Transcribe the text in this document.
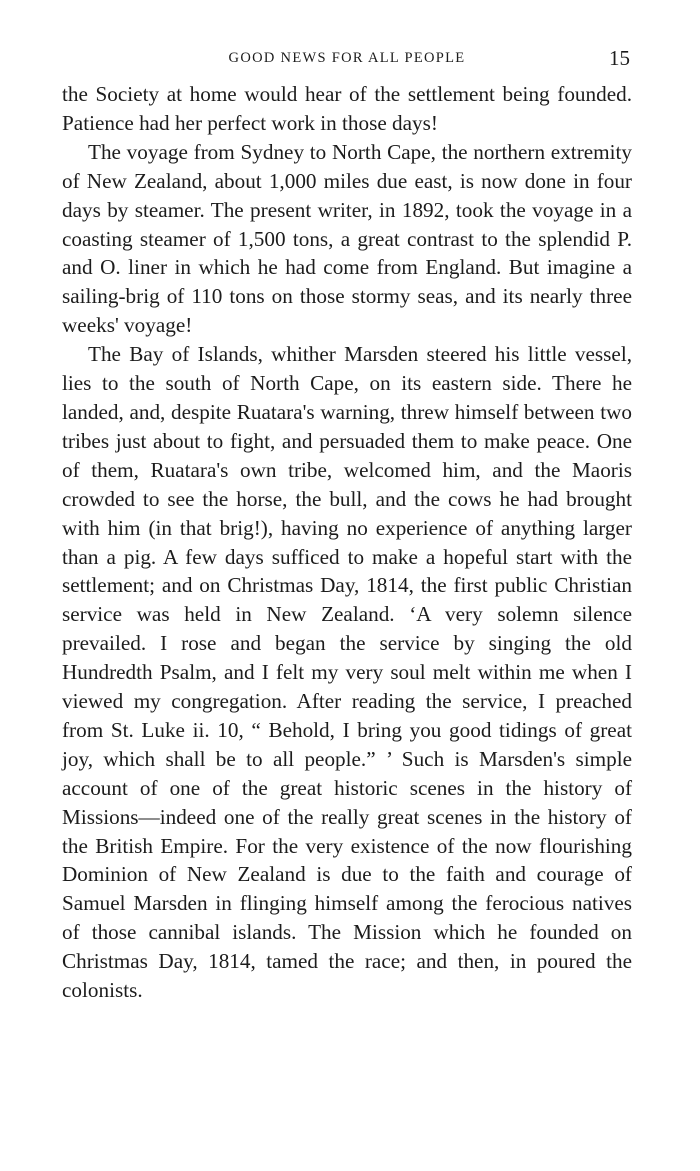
GOOD NEWS FOR ALL PEOPLE	15

the Society at home would hear of the settlement being founded. Patience had her perfect work in those days!

The voyage from Sydney to North Cape, the northern extremity of New Zealand, about 1,000 miles due east, is now done in four days by steamer. The present writer, in 1892, took the voyage in a coasting steamer of 1,500 tons, a great contrast to the splendid P. and O. liner in which he had come from England. But imagine a sailing-brig of 110 tons on those stormy seas, and its nearly three weeks' voyage!

The Bay of Islands, whither Marsden steered his little vessel, lies to the south of North Cape, on its eastern side. There he landed, and, despite Ruatara's warning, threw himself between two tribes just about to fight, and persuaded them to make peace. One of them, Ruatara's own tribe, welcomed him, and the Maoris crowded to see the horse, the bull, and the cows he had brought with him (in that brig!), having no experience of anything larger than a pig. A few days sufficed to make a hopeful start with the settlement; and on Christmas Day, 1814, the first public Christian service was held in New Zealand. ‘A very solemn silence prevailed. I rose and began the service by singing the old Hundredth Psalm, and I felt my very soul melt within me when I viewed my congregation. After reading the service, I preached from St. Luke ii. 10, “ Behold, I bring you good tidings of great joy, which shall be to all people.” ’ Such is Marsden's simple account of one of the great historic scenes in the history of Missions—indeed one of the really great scenes in the history of the British Empire. For the very existence of the now flourishing Dominion of New Zealand is due to the faith and courage of Samuel Marsden in flinging himself among the ferocious natives of those cannibal islands. The Mission which he founded on Christmas Day, 1814, tamed the race; and then, in poured the colonists.
